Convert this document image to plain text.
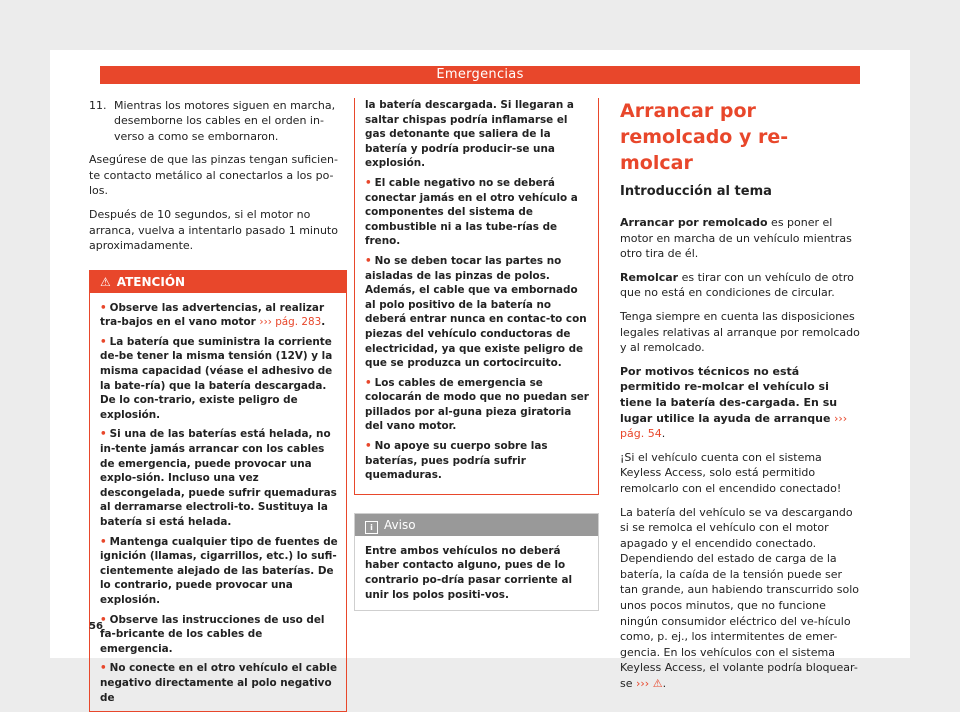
Emergencias
11. Mientras los motores siguen en marcha, desemborne los cables en el orden in-verso a como se embornaron.

Asegúrese de que las pinzas tengan suficien-te contacto metálico al conectarlos a los po-los.

Después de 10 segundos, si el motor no arranca, vuelva a intentarlo pasado 1 minuto aproximadamente.

⚠ ATENCIÓN

• Observe las advertencias, al realizar tra-bajos en el vano motor ››› pág. 283.

• La batería que suministra la corriente de-be tener la misma tensión (12V) y la misma capacidad (véase el adhesivo de la bate-ría) que la batería descargada. De lo con-trario, existe peligro de explosión.

• Si una de las baterías está helada, no in-tente jamás arrancar con los cables de emergencia, puede provocar una explo-sión. Incluso una vez descongelada, puede sufrir quemaduras al derramarse electroli-to. Sustituya la batería si está helada.

• Mantenga cualquier tipo de fuentes de ignición (llamas, cigarrillos, etc.) lo sufi-cientemente alejado de las baterías. De lo contrario, puede provocar una explosión.

• Observe las instrucciones de uso del fa-bricante de los cables de emergencia.

• No conecte en el otro vehículo el cable negativo directamente al polo negativo de

la batería descargada. Si llegaran a saltar chispas podría inflamarse el gas detonante que saliera de la batería y podría producir-se una explosión.

• El cable negativo no se deberá conectar jamás en el otro vehículo a componentes del sistema de combustible ni a las tube-rías de freno.

• No se deben tocar las partes no aisladas de las pinzas de polos. Además, el cable que va embornado al polo positivo de la batería no deberá entrar nunca en contac-to con piezas del vehículo conductoras de electricidad, ya que existe peligro de que se produzca un cortocircuito.

• Los cables de emergencia se colocarán de modo que no puedan ser pillados por al-guna pieza giratoria del vano motor.

• No apoye su cuerpo sobre las baterías, pues podría sufrir quemaduras.

i Aviso

Entre ambos vehículos no deberá haber contacto alguno, pues de lo contrario po-dría pasar corriente al unir los polos positi-vos.

Arrancar por remolcado y re-molcar
Introducción al tema

Arrancar por remolcado es poner el motor en marcha de un vehículo mientras otro tira de él.

Remolcar es tirar con un vehículo de otro que no está en condiciones de circular.

Tenga siempre en cuenta las disposiciones legales relativas al arranque por remolcado y al remolcado.

Por motivos técnicos no está permitido re-molcar el vehículo si tiene la batería des-cargada. En su lugar utilice la ayuda de arranque ››› pág. 54.

¡Si el vehículo cuenta con el sistema Keyless Access, solo está permitido remolcarlo con el encendido conectado!

La batería del vehículo se va descargando si se remolca el vehículo con el motor apagado y el encendido conectado. Dependiendo del estado de carga de la batería, la caída de la tensión puede ser tan grande, aun habiendo transcurrido solo unos pocos minutos, que no funcione ningún consumidor eléctrico del ve-hículo como, p. ej., los intermitentes de emer-gencia. En los vehículos con el sistema Keyless Access, el volante podría bloquear-se ››› ⚠.

56
